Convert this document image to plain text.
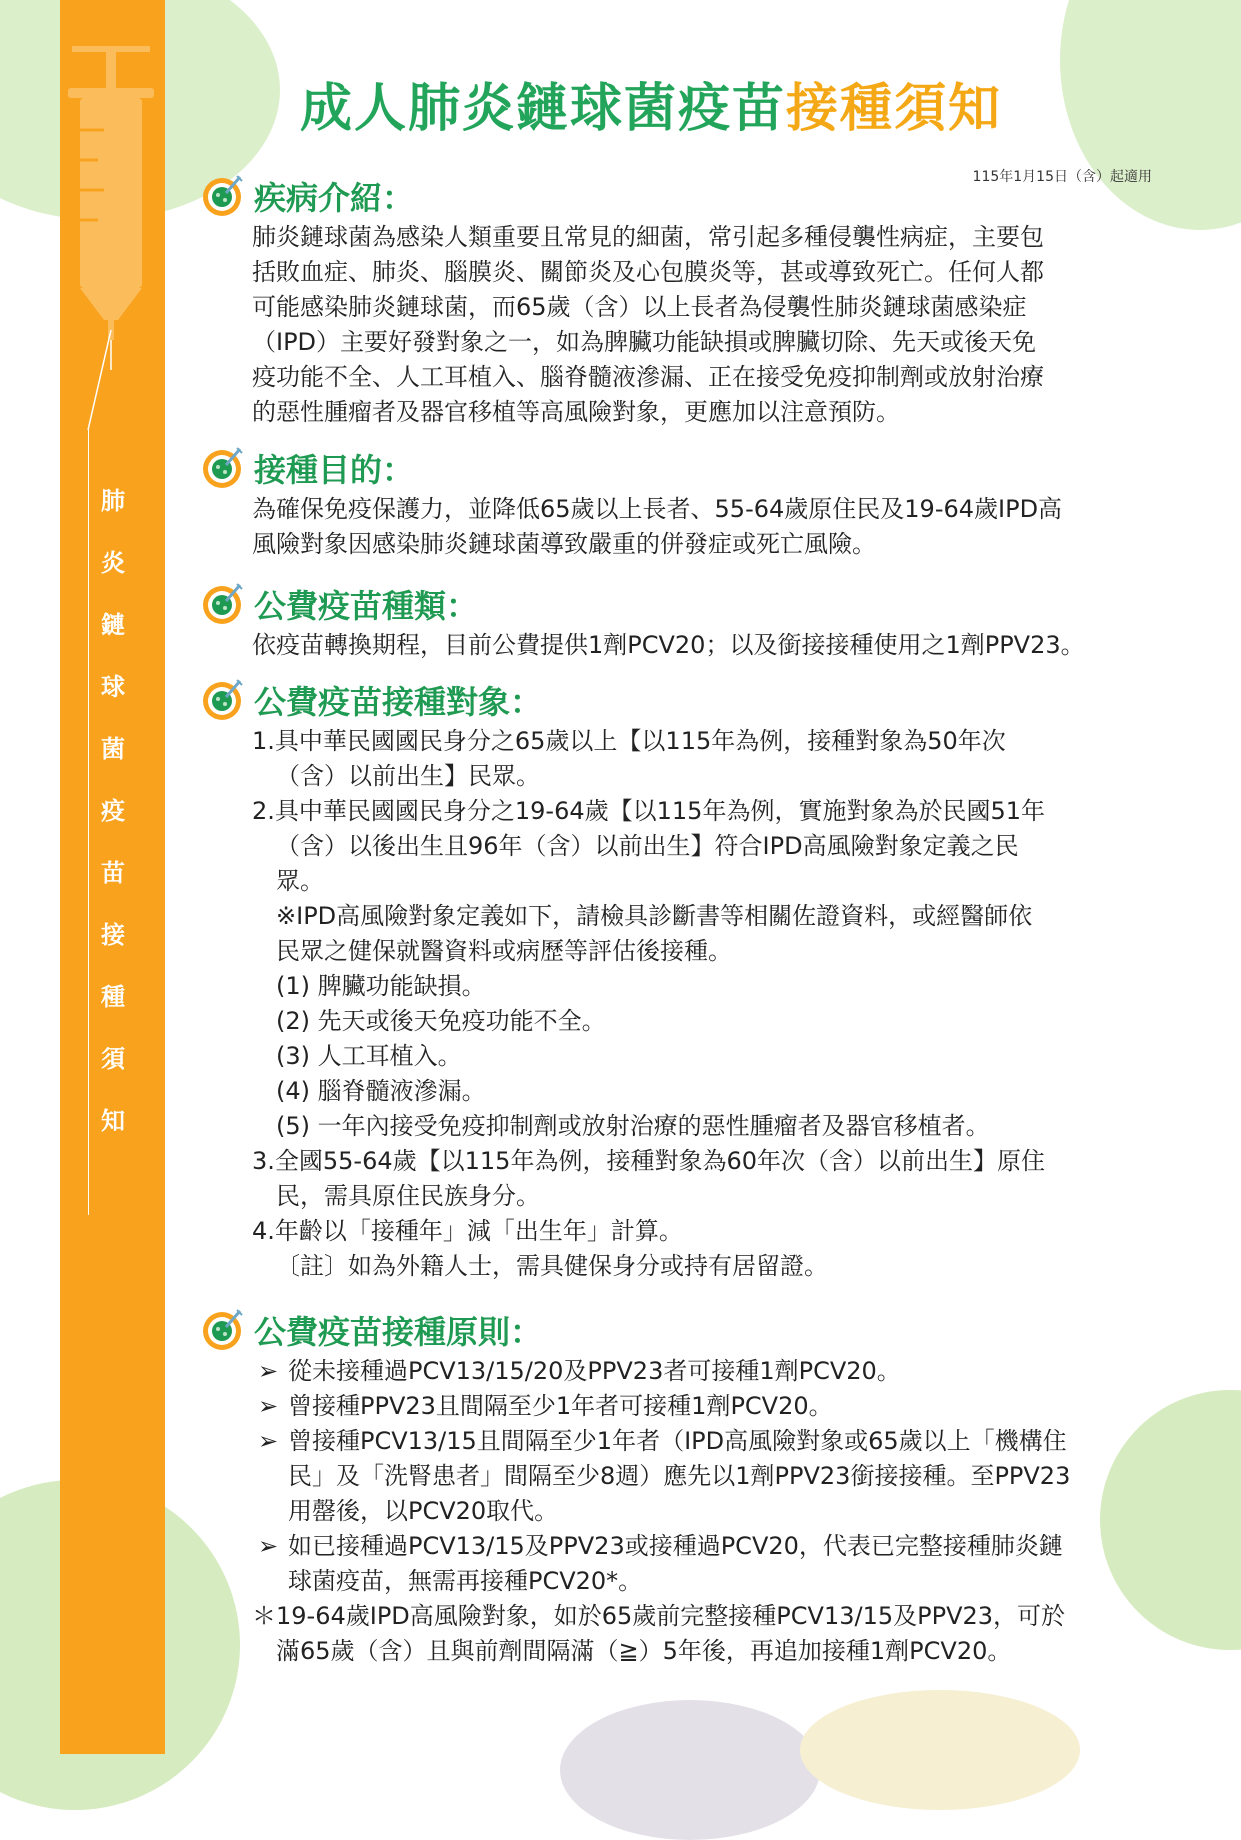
肺
炎
鏈
球
菌
疫
苗
接
種
須
知
成人肺炎鏈球菌疫苗接種須知
115年1月15日（含）起適用
疾病介紹：
肺炎鏈球菌為感染人類重要且常見的細菌，常引起多種侵襲性病症，主要包
括敗血症、肺炎、腦膜炎、關節炎及心包膜炎等，甚或導致死亡。任何人都
可能感染肺炎鏈球菌，而65歲（含）以上長者為侵襲性肺炎鏈球菌感染症
（IPD）主要好發對象之一，如為脾臟功能缺損或脾臟切除、先天或後天免
疫功能不全、人工耳植入、腦脊髓液滲漏、正在接受免疫抑制劑或放射治療
的惡性腫瘤者及器官移植等高風險對象，更應加以注意預防。
接種目的：
為確保免疫保護力，並降低65歲以上長者、55-64歲原住民及19-64歲IPD高
風險對象因感染肺炎鏈球菌導致嚴重的併發症或死亡風險。
公費疫苗種類：
依疫苗轉換期程，目前公費提供1劑PCV20；以及銜接接種使用之1劑PPV23。
公費疫苗接種對象：
1.具中華民國國民身分之65歲以上【以115年為例，接種對象為50年次
（含）以前出生】民眾。
2.具中華民國國民身分之19-64歲【以115年為例，實施對象為於民國51年
（含）以後出生且96年（含）以前出生】符合IPD高風險對象定義之民
眾。
※IPD高風險對象定義如下，請檢具診斷書等相關佐證資料，或經醫師依
民眾之健保就醫資料或病歷等評估後接種。
(1) 脾臟功能缺損。
(2) 先天或後天免疫功能不全。
(3) 人工耳植入。
(4) 腦脊髓液滲漏。
(5) 一年內接受免疫抑制劑或放射治療的惡性腫瘤者及器官移植者。
3.全國55-64歲【以115年為例，接種對象為60年次（含）以前出生】原住
民，需具原住民族身分。
4.年齡以「接種年」減「出生年」計算。
〔註〕如為外籍人士，需具健保身分或持有居留證。
公費疫苗接種原則：
➢ 從未接種過PCV13/15/20及PPV23者可接種1劑PCV20。
➢ 曾接種PPV23且間隔至少1年者可接種1劑PCV20。
➢ 曾接種PCV13/15且間隔至少1年者（IPD高風險對象或65歲以上「機構住
民」及「洗腎患者」間隔至少8週）應先以1劑PPV23銜接接種。至PPV23
用罄後，以PCV20取代。
➢ 如已接種過PCV13/15及PPV23或接種過PCV20，代表已完整接種肺炎鏈
球菌疫苗，無需再接種PCV20*。
＊19-64歲IPD高風險對象，如於65歲前完整接種PCV13/15及PPV23，可於
滿65歲（含）且與前劑間隔滿（≧）5年後，再追加接種1劑PCV20。
